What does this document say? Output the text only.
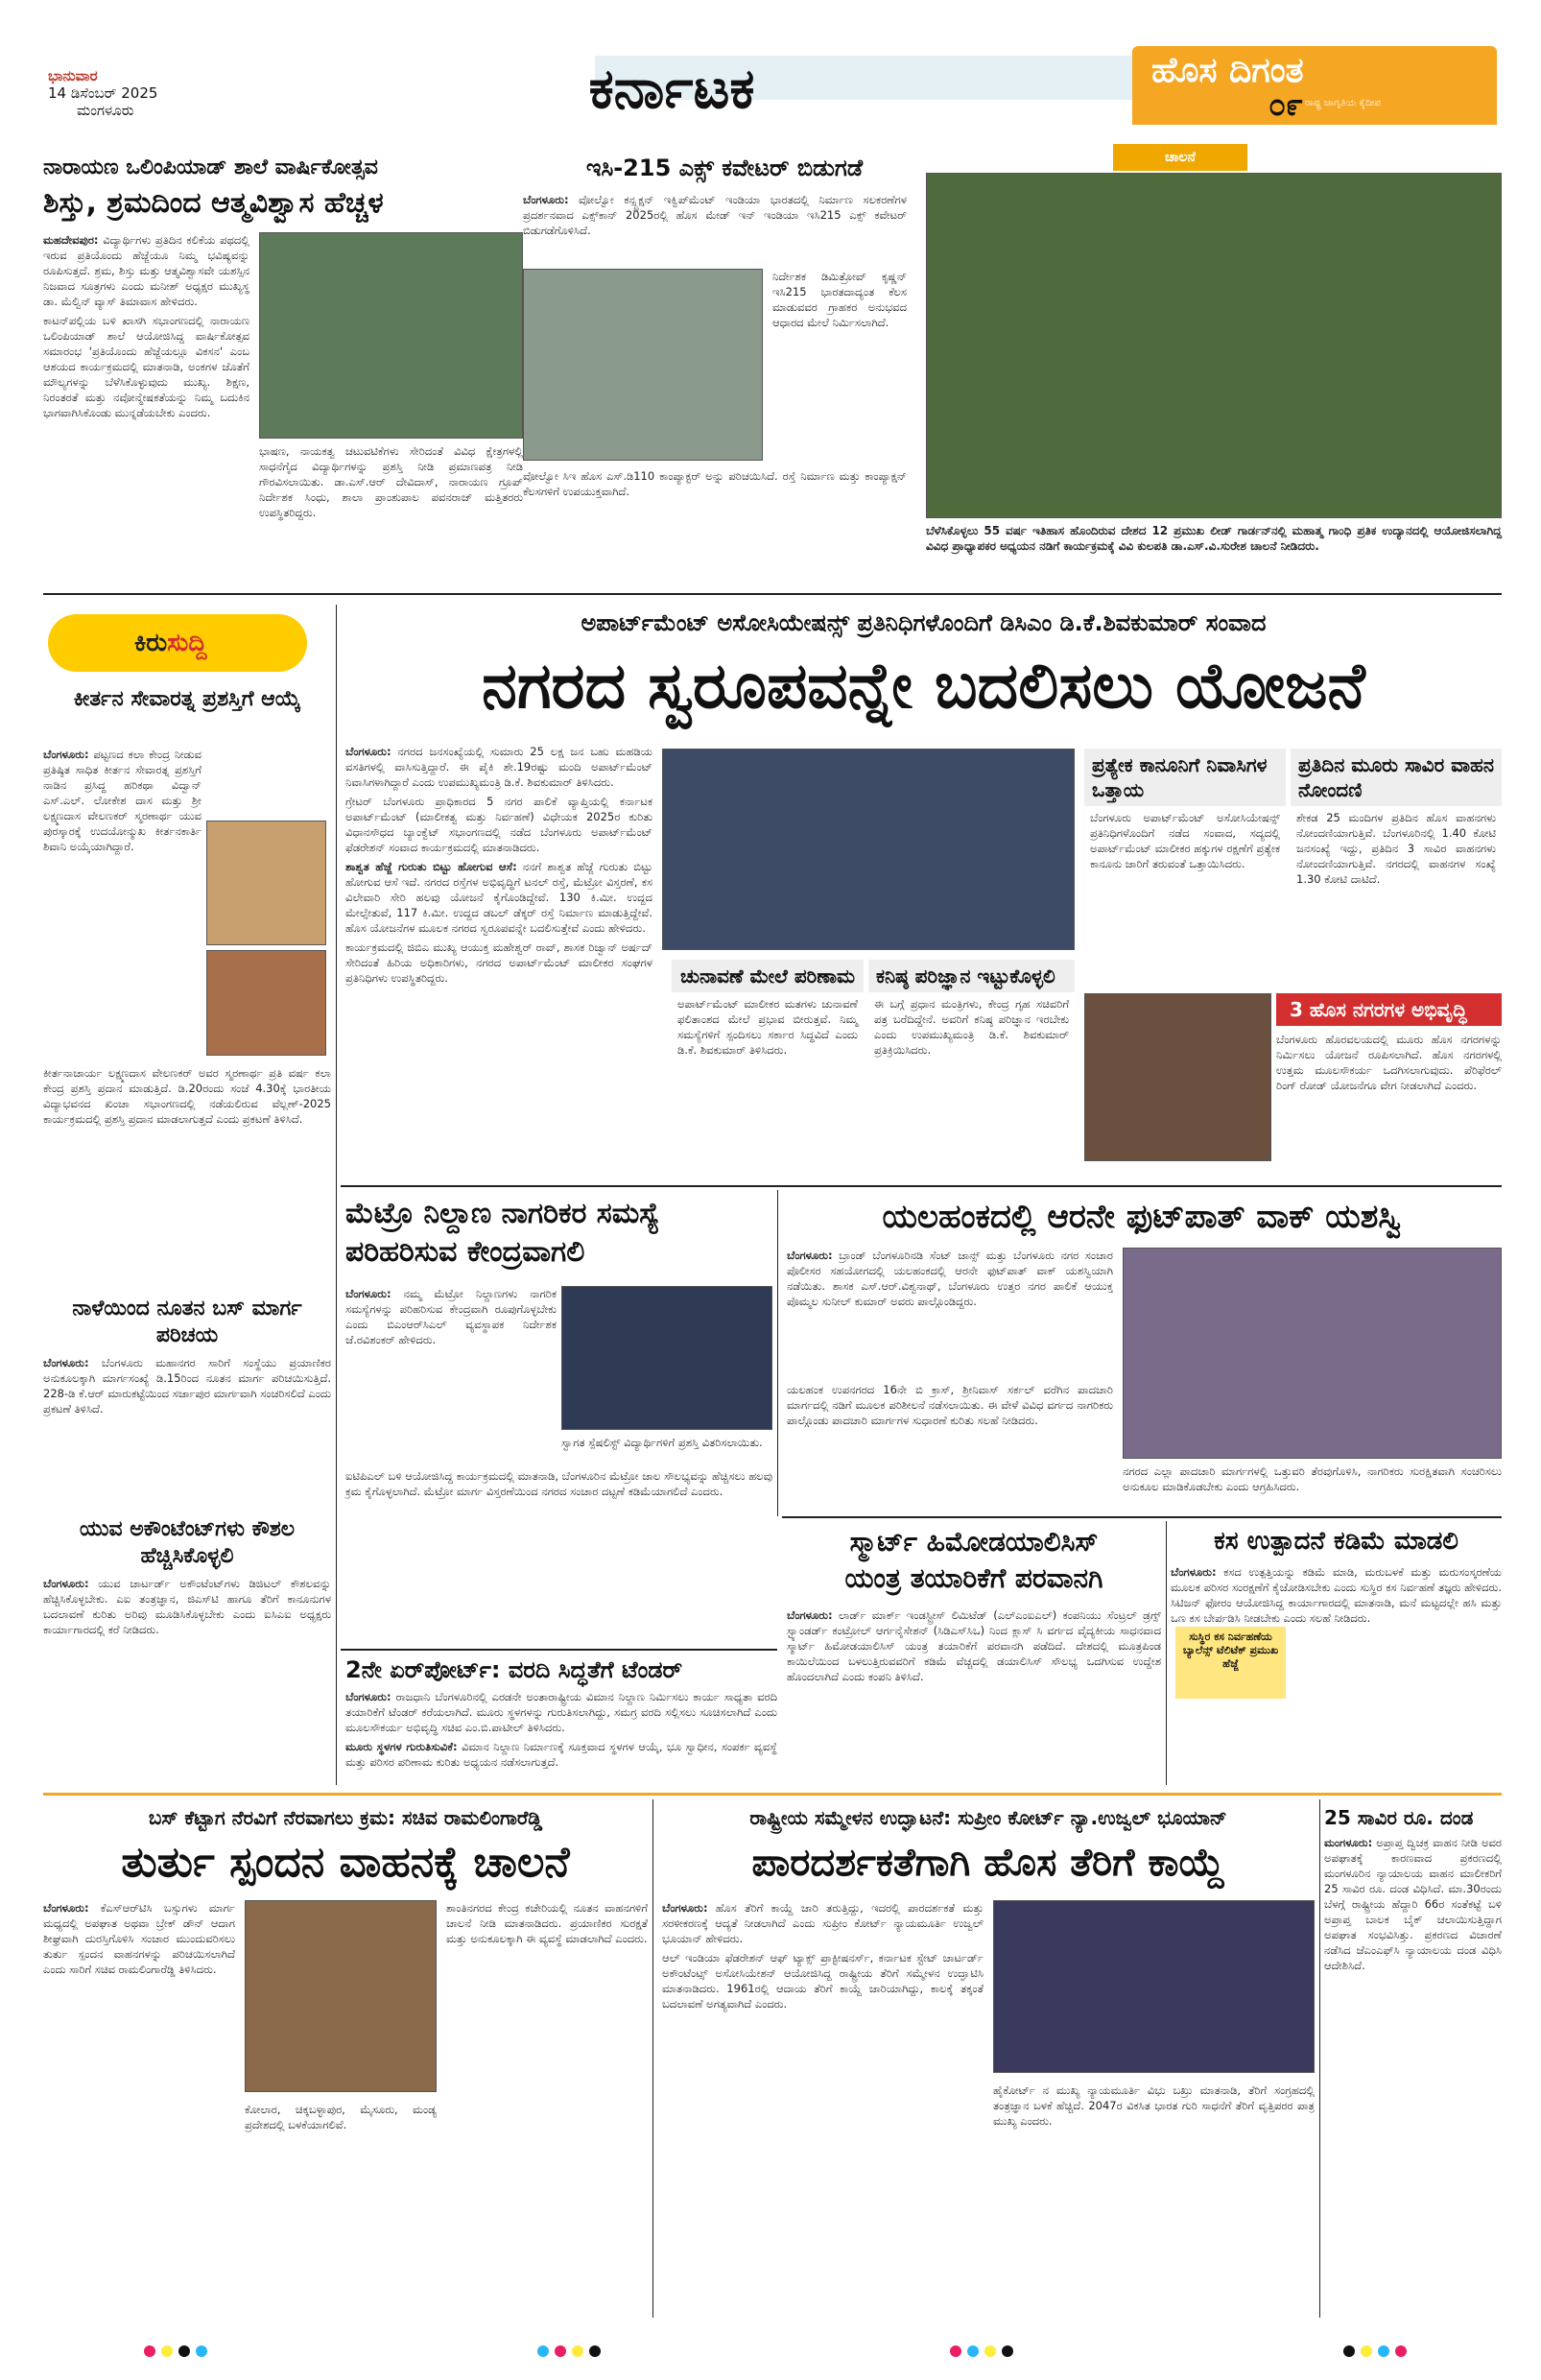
ಭಾನುವಾರ
14 ಡಿಸೆಂಬರ್ 2025
ಮಂಗಳೂರು	ಕರ್ನಾಟಕ	ಹೊಸ ದಿಗಂತ
ರಾಷ್ಟ್ರ ಜಾಗೃತಿಯ ಕೈದೀಪ
೦೯
ನಾರಾಯಣ ಒಲಿಂಪಿಯಾಡ್ ಶಾಲೆ ವಾರ್ಷಿಕೋತ್ಸವ
ಶಿಸ್ತು, ಶ್ರಮದಿಂದ ಆತ್ಮವಿಶ್ವಾಸ ಹೆಚ್ಚಳ
ಮಹದೇವಪುರ: ವಿದ್ಯಾರ್ಥಿಗಳು ಪ್ರತಿದಿನ ಕಲಿಕೆಯ ಪಥದಲ್ಲಿ ಇರುವ ಪ್ರತಿಯೊಂದು ಹೆಜ್ಜೆಯೂ ನಿಮ್ಮ ಭವಿಷ್ಯವನ್ನು ರೂಪಿಸುತ್ತದೆ. ಶ್ರಮ, ಶಿಸ್ತು ಮತ್ತು ಆತ್ಮವಿಶ್ವಾಸವೇ ಯಶಸ್ಸಿನ ನಿಜವಾದ ಸೂತ್ರಗಳು ಎಂದು ಮನೀಶ್ ಅಧ್ಯಕ್ಷರ ಮುಖ್ಯಸ್ಥ ಡಾ. ಮೆಲ್ವಿನ್ ವ್ಯಾಸ್ ತಿಮಾವಾಸ ಹೇಳಿದರು.

ಕಾಟನ್‌ಪಲ್ಲಿಯ ಬಳಿ ಖಾಸಗಿ ಸಭಾಂಗಣದಲ್ಲಿ ನಾರಾಯಣ ಒಲಿಂಪಿಯಾಡ್ ಶಾಲೆ ಆಯೋಜಿಸಿದ್ದ ವಾರ್ಷಿಕೋತ್ಸವ ಸಮಾರಂಭ 'ಪ್ರತಿಯೊಂದು ಹೆಜ್ಜೆಯಲ್ಲೂ ವಿಕಸನ' ಎಂಬ ಆಶಯದ ಕಾರ್ಯಕ್ರಮದಲ್ಲಿ ಮಾತನಾಡಿ, ಅಂಕಗಳ ಜೊತೆಗೆ ಮೌಲ್ಯಗಳನ್ನು ಬೆಳೆಸಿಕೊಳ್ಳುವುದು ಮುಖ್ಯ. ಶಿಕ್ಷಣ, ನಿರಂತರತೆ ಮತ್ತು ನವೋನ್ಮೇಷಕತೆಯನ್ನು ನಿಮ್ಮ ಬದುಕಿನ ಭಾಗವಾಗಿಸಿಕೊಂಡು ಮುನ್ನಡೆಯಬೇಕು ಎಂದರು.

ಭಾಷಣ, ನಾಯಕತ್ವ ಚಟುವಟಿಕೆಗಳು ಸೇರಿದಂತೆ ವಿವಿಧ ಕ್ಷೇತ್ರಗಳಲ್ಲಿ ಸಾಧನೆಗೈದ ವಿದ್ಯಾರ್ಥಿಗಳನ್ನು ಪ್ರಶಸ್ತಿ ನೀಡಿ ಪ್ರಮಾಣಪತ್ರ ನೀಡಿ ಗೌರವಿಸಲಾಯಿತು. ಡಾ.ಎಸ್.ಆರ್ ದೇವಿದಾಸ್, ನಾರಾಯಣ ಗ್ರೂಪ್ ನಿರ್ದೇಶಕ ಸಿಂಧು, ಶಾಲಾ ಪ್ರಾಂಶುಪಾಲ ಪವನರಾಜ್ ಮತ್ತಿತರರು ಉಪಸ್ಥಿತರಿದ್ದರು.
ಇಸಿ-215 ಎಕ್ಸ್ ಕವೇಟರ್ ಬಿಡುಗಡೆ
ಬೆಂಗಳೂರು: ವೋಲ್ವೋ ಕನ್ಸ್ಟ್ರಕ್ಷನ್ ಇಕ್ವಿಪ್‌ಮೆಂಟ್ ಇಂಡಿಯಾ ಭಾರತದಲ್ಲಿ ನಿರ್ಮಾಣ ಸಲಕರಣೆಗಳ ಪ್ರದರ್ಶನವಾದ ಎಕ್ಸ್‌ಕಾನ್ 2025ರಲ್ಲಿ ಹೊಸ ಮೇಡ್ ಇನ್ ಇಂಡಿಯಾ ಇಸಿ215 ಎಕ್ಸ್ ಕವೇಟರ್ ಬಿಡುಗಡೆಗೊಳಿಸಿದೆ.
ನಿರ್ದೇಶಕ ಡಿಮಿತ್ರೋವ್ ಕೃಷ್ಣನ್ ಇಸಿ215 ಭಾರತದಾದ್ಯಂತ ಕೆಲಸ ಮಾಡುವವರ ಗ್ರಾಹಕರ ಅನುಭವದ ಆಧಾರದ ಮೇಲೆ ನಿರ್ಮಿಸಲಾಗಿದೆ.
ವೋಲ್ವೋ ಸಿಇ ಹೊಸ ಎಸ್.ಡಿ110 ಕಾಂಪ್ಯಾಕ್ಟರ್ ಅನ್ನು ಪರಿಚಯಿಸಿದೆ. ರಸ್ತೆ ನಿರ್ಮಾಣ ಮತ್ತು ಕಾಂಪ್ಯಾಕ್ಷನ್ ಕೆಲಸಗಳಿಗೆ ಉಪಯುಕ್ತವಾಗಿದೆ.
ಚಾಲನೆ
ಬೆಳೆಸಿಕೊಳ್ಳಲು 55 ವರ್ಷ ಇತಿಹಾಸ ಹೊಂದಿರುವ ದೇಶದ 12 ಪ್ರಮುಖ ಲೀಡ್ ಗಾರ್ಡನ್‌ನಲ್ಲಿ ಮಹಾತ್ಮ ಗಾಂಧಿ ಪ್ರತಿಕ ಉದ್ಯಾನದಲ್ಲಿ ಆಯೋಜಿಸಲಾಗಿದ್ದ ವಿವಿಧ ಪ್ರಾಧ್ಯಾಪಕರ ಅಧ್ಯಯನ ನಡಿಗೆ ಕಾರ್ಯಕ್ರಮಕ್ಕೆ ವಿವಿ ಕುಲಪತಿ ಡಾ.ಎಸ್.ವಿ.ಸುರೇಶ ಚಾಲನೆ ನೀಡಿದರು.
ಕಿರುಸುದ್ದಿ
ಕೀರ್ತನ ಸೇವಾರತ್ನ ಪ್ರಶಸ್ತಿಗೆ ಆಯ್ಕೆ
ಬೆಂಗಳೂರು: ಪಟ್ಟಣದ ಕಲಾ ಕೇಂದ್ರ ನೀಡುವ ಪ್ರತಿಷ್ಠಿತ ಸಾಧಿತ ಕೀರ್ತನ ಸೇವಾರತ್ನ ಪ್ರಶಸ್ತಿಗೆ ನಾಡಿನ ಪ್ರಸಿದ್ಧ ಹರಿಕಥಾ ವಿದ್ವಾನ್ ಎಸ್.ಎಲ್. ಲೋಕೇಶ ದಾಸ ಮತ್ತು ಶ್ರೀ ಲಕ್ಷ್ಮಣದಾಸ ವೇಲಣಕರ್ ಸ್ಮರಣಾರ್ಥ ಯುವ ಪುರಸ್ಕಾರಕ್ಕೆ ಉದಯೋನ್ಮುಖ ಕೀರ್ತನಕಾರ್ತಿ ಶಿವಾನಿ ಅಯ್ಕೆಯಾಗಿದ್ದಾರೆ.
ಕೀರ್ತನಾಚಾರ್ಯ ಲಕ್ಷ್ಮಣದಾಸ ವೇಲಣಕರ್ ಅವರ ಸ್ಮರಣಾರ್ಥ ಪ್ರತಿ ವರ್ಷ ಕಲಾ ಕೇಂದ್ರ ಪ್ರಶಸ್ತಿ ಪ್ರದಾನ ಮಾಡುತ್ತಿದೆ. ಡಿ.20ರಂದು ಸಂಜೆ 4.30ಕ್ಕೆ ಭಾರತೀಯ ವಿದ್ಯಾಭವನದ ಖಿಂಚಾ ಸಭಾಂಗಣದಲ್ಲಿ ನಡೆಯಲಿರುವ ವೆಲ್ಲಣ್-2025 ಕಾರ್ಯಕ್ರಮದಲ್ಲಿ ಪ್ರಶಸ್ತಿ ಪ್ರದಾನ ಮಾಡಲಾಗುತ್ತದೆ ಎಂದು ಪ್ರಕಟಣೆ ತಿಳಿಸಿದೆ.
ನಾಳೆಯಿಂದ ನೂತನ ಬಸ್ ಮಾರ್ಗ ಪರಿಚಯ
ಬೆಂಗಳೂರು: ಬೆಂಗಳೂರು ಮಹಾನಗರ ಸಾರಿಗೆ ಸಂಸ್ಥೆಯು ಪ್ರಯಾಣಿಕರ ಅನುಕೂಲಕ್ಕಾಗಿ ಮಾರ್ಗಸಂಖ್ಯೆ ಡಿ.15ರಿಂದ ನೂತನ ಮಾರ್ಗ ಪರಿಚಯಿಸುತ್ತಿದೆ. 228-ಡಿ ಕೆ.ಆರ್ ಮಾರುಕಟ್ಟೆಯಿಂದ ಸರ್ಜಾಪುರ ಮಾರ್ಗವಾಗಿ ಸಂಚರಿಸಲಿದೆ ಎಂದು ಪ್ರಕಟಣೆ ತಿಳಿಸಿದೆ.
ಯುವ ಅಕೌಂಟೆಂಟ್‌ಗಳು ಕೌಶಲ ಹೆಚ್ಚಿಸಿಕೊಳ್ಳಲಿ
ಬೆಂಗಳೂರು: ಯುವ ಚಾರ್ಟರ್ಡ್ ಅಕೌಂಟೆಂಟ್‌ಗಳು ಡಿಜಿಟಲ್ ಕೌಶಲವನ್ನು ಹೆಚ್ಚಿಸಿಕೊಳ್ಳಬೇಕು. ಎಐ ತಂತ್ರಜ್ಞಾನ, ಜಿಎಸ್‌ಟಿ ಹಾಗೂ ತೆರಿಗೆ ಕಾನೂನುಗಳ ಬದಲಾವಣೆ ಕುರಿತು ಅರಿವು ಮೂಡಿಸಿಕೊಳ್ಳಬೇಕು ಎಂದು ಐಸಿಎಐ ಅಧ್ಯಕ್ಷರು ಕಾರ್ಯಾಗಾರದಲ್ಲಿ ಕರೆ ನೀಡಿದರು.
ಅಪಾರ್ಟ್‌ಮೆಂಟ್ ಅಸೋಸಿಯೇಷನ್ಸ್ ಪ್ರತಿನಿಧಿಗಳೊಂದಿಗೆ ಡಿಸಿಎಂ ಡಿ.ಕೆ.ಶಿವಕುಮಾರ್ ಸಂವಾದ
ನಗರದ ಸ್ವರೂಪವನ್ನೇ ಬದಲಿಸಲು ಯೋಜನೆ
ಬೆಂಗಳೂರು: ನಗರದ ಜನಸಂಖ್ಯೆಯಲ್ಲಿ ಸುಮಾರು 25 ಲಕ್ಷ ಜನ ಬಹು ಮಹಡಿಯ ವಸತಿಗಳಲ್ಲಿ ವಾಸಿಸುತ್ತಿದ್ದಾರೆ. ಈ ಪೈಕಿ ಶೇ.19ರಷ್ಟು ಮಂದಿ ಅಪಾರ್ಟ್‌ಮೆಂಟ್ ನಿವಾಸಿಗಳಾಗಿದ್ದಾರೆ ಎಂದು ಉಪಮುಖ್ಯಮಂತ್ರಿ ಡಿ.ಕೆ. ಶಿವಕುಮಾರ್ ತಿಳಿಸಿದರು.

ಗ್ರೇಟರ್ ಬೆಂಗಳೂರು ಪ್ರಾಧಿಕಾರದ 5 ನಗರ ಪಾಲಿಕೆ ವ್ಯಾಪ್ತಿಯಲ್ಲಿ ಕರ್ನಾಟಕ ಅಪಾರ್ಟ್‌ಮೆಂಟ್ (ಮಾಲೀಕತ್ವ ಮತ್ತು ನಿರ್ವಹಣೆ) ವಿಧೇಯಕ 2025ರ ಕುರಿತು ವಿಧಾನಸೌಧದ ಬ್ಯಾಂಕ್ವೆಟ್ ಸಭಾಂಗಣದಲ್ಲಿ ನಡೆದ ಬೆಂಗಳೂರು ಅಪಾರ್ಟ್‌ಮೆಂಟ್ ಫೆಡರೇಶನ್ ಸಂವಾದ ಕಾರ್ಯಕ್ರಮದಲ್ಲಿ ಮಾತನಾಡಿದರು.

ಶಾಶ್ವತ ಹೆಜ್ಜೆ ಗುರುತು ಬಿಟ್ಟು ಹೋಗುವ ಆಸೆ: ನನಗೆ ಶಾಶ್ವತ ಹೆಜ್ಜೆ ಗುರುತು ಬಿಟ್ಟು ಹೋಗುವ ಆಸೆ ಇದೆ. ನಗರದ ರಸ್ತೆಗಳ ಅಭಿವೃದ್ಧಿಗೆ ಟನಲ್ ರಸ್ತೆ, ಮೆಟ್ರೋ ವಿಸ್ತರಣೆ, ಕಸ ವಿಲೇವಾರಿ ಸೇರಿ ಹಲವು ಯೋಜನೆ ಕೈಗೊಂಡಿದ್ದೇವೆ. 130 ಕಿ.ಮೀ. ಉದ್ದದ ಮೇಲ್ಸೇತುವೆ, 117 ಕಿ.ಮೀ. ಉದ್ದದ ಡಬಲ್ ಡೆಕ್ಕರ್ ರಸ್ತೆ ನಿರ್ಮಾಣ ಮಾಡುತ್ತಿದ್ದೇವೆ. ಹೊಸ ಯೋಜನೆಗಳ ಮೂಲಕ ನಗರದ ಸ್ವರೂಪವನ್ನೇ ಬದಲಿಸುತ್ತೇವೆ ಎಂದು ಹೇಳಿದರು.

ಕಾರ್ಯಕ್ರಮದಲ್ಲಿ ಜಿಬಿಎ ಮುಖ್ಯ ಆಯುಕ್ತ ಮಹೇಶ್ವರ್ ರಾವ್, ಶಾಸಕ ರಿಜ್ವಾನ್ ಅರ್ಷದ್ ಸೇರಿದಂತೆ ಹಿರಿಯ ಅಧಿಕಾರಿಗಳು, ನಗರದ ಅಪಾರ್ಟ್‌ಮೆಂಟ್ ಮಾಲೀಕರ ಸಂಘಗಳ ಪ್ರತಿನಿಧಿಗಳು ಉಪಸ್ಥಿತರಿದ್ದರು.

ಪ್ರತ್ಯೇಕ ಕಾನೂನಿಗೆ ನಿವಾಸಿಗಳ ಒತ್ತಾಯ
ಬೆಂಗಳೂರು ಅಪಾರ್ಟ್‌ಮೆಂಟ್ ಅಸೋಸಿಯೇಷನ್ಸ್ ಪ್ರತಿನಿಧಿಗಳೊಂದಿಗೆ ನಡೆದ ಸಂವಾದ, ಸದ್ಯದಲ್ಲಿ ಅಪಾರ್ಟ್‌ಮೆಂಟ್ ಮಾಲೀಕರ ಹಕ್ಕುಗಳ ರಕ್ಷಣೆಗೆ ಪ್ರತ್ಯೇಕ ಕಾನೂನು ಜಾರಿಗೆ ತರುವಂತೆ ಒತ್ತಾಯಿಸಿದರು.
ಪ್ರತಿದಿನ ಮೂರು ಸಾವಿರ ವಾಹನ ನೋಂದಣಿ
ಶೇಕಡ 25 ಮಂದಿಗಳ ಪ್ರತಿದಿನ ಹೊಸ ವಾಹನಗಳು ನೋಂದಣಿಯಾಗುತ್ತಿವೆ. ಬೆಂಗಳೂರಿನಲ್ಲಿ 1.40 ಕೋಟಿ ಜನಸಂಖ್ಯೆ ಇದ್ದು, ಪ್ರತಿದಿನ 3 ಸಾವಿರ ವಾಹನಗಳು ನೋಂದಣಿಯಾಗುತ್ತಿವೆ. ನಗರದಲ್ಲಿ ವಾಹನಗಳ ಸಂಖ್ಯೆ 1.30 ಕೋಟಿ ದಾಟಿದೆ.
ಚುನಾವಣೆ ಮೇಲೆ ಪರಿಣಾಮ
ಅಪಾರ್ಟ್‌ಮೆಂಟ್ ಮಾಲೀಕರ ಮತಗಳು ಚುನಾವಣೆ ಫಲಿತಾಂಶದ ಮೇಲೆ ಪ್ರಭಾವ ಬೀರುತ್ತವೆ. ನಿಮ್ಮ ಸಮಸ್ಯೆಗಳಿಗೆ ಸ್ಪಂದಿಸಲು ಸರ್ಕಾರ ಸಿದ್ಧವಿದೆ ಎಂದು ಡಿ.ಕೆ. ಶಿವಕುಮಾರ್ ತಿಳಿಸಿದರು.
ಕನಿಷ್ಠ ಪರಿಜ್ಞಾನ ಇಟ್ಟುಕೊಳ್ಳಲಿ
ಈ ಬಗ್ಗೆ ಪ್ರಧಾನ ಮಂತ್ರಿಗಳು, ಕೇಂದ್ರ ಗೃಹ ಸಚಿವರಿಗೆ ಪತ್ರ ಬರೆದಿದ್ದೇನೆ. ಅವರಿಗೆ ಕನಿಷ್ಠ ಪರಿಜ್ಞಾನ ಇರಬೇಕು ಎಂದು ಉಪಮುಖ್ಯಮಂತ್ರಿ ಡಿ.ಕೆ. ಶಿವಕುಮಾರ್ ಪ್ರತಿಕ್ರಿಯಿಸಿದರು.
3 ಹೊಸ ನಗರಗಳ ಅಭಿವೃದ್ಧಿ
ಬೆಂಗಳೂರು ಹೊರವಲಯದಲ್ಲಿ ಮೂರು ಹೊಸ ನಗರಗಳನ್ನು ನಿರ್ಮಿಸಲು ಯೋಜನೆ ರೂಪಿಸಲಾಗಿದೆ. ಹೊಸ ನಗರಗಳಲ್ಲಿ ಉತ್ತಮ ಮೂಲಸೌಕರ್ಯ ಒದಗಿಸಲಾಗುವುದು. ಪೆರಿಫೆರಲ್ ರಿಂಗ್ ರೋಡ್ ಯೋಜನೆಗೂ ವೇಗ ನೀಡಲಾಗಿದೆ ಎಂದರು.
ಮೆಟ್ರೊ ನಿಲ್ದಾಣ ನಾಗರಿಕರ ಸಮಸ್ಯೆ
ಪರಿಹರಿಸುವ ಕೇಂದ್ರವಾಗಲಿ
ಬೆಂಗಳೂರು: ನಮ್ಮ ಮೆಟ್ರೋ ನಿಲ್ದಾಣಗಳು ನಾಗರಿಕ ಸಮಸ್ಯೆಗಳನ್ನು ಪರಿಹರಿಸುವ ಕೇಂದ್ರವಾಗಿ ರೂಪುಗೊಳ್ಳಬೇಕು ಎಂದು ಬಿಎಂಆರ್‌ಸಿಎಲ್ ವ್ಯವಸ್ಥಾಪಕ ನಿರ್ದೇಶಕ ಜೆ.ರವಿಶಂಕರ್ ಹೇಳಿದರು.
ಸ್ವಾಗತ ಸ್ಪೆಷಲಿಸ್ಟ್ ವಿದ್ಯಾರ್ಥಿಗಳಿಗೆ ಪ್ರಶಸ್ತಿ ವಿತರಿಸಲಾಯಿತು.
ಐಟಿಪಿಎಲ್ ಬಳಿ ಆಯೋಜಿಸಿದ್ದ ಕಾರ್ಯಕ್ರಮದಲ್ಲಿ ಮಾತನಾಡಿ, ಬೆಂಗಳೂರಿನ ಮೆಟ್ರೋ ಜಾಲ ಸೌಲಭ್ಯವನ್ನು ಹೆಚ್ಚಿಸಲು ಹಲವು ಕ್ರಮ ಕೈಗೊಳ್ಳಲಾಗಿದೆ. ಮೆಟ್ರೋ ಮಾರ್ಗ ವಿಸ್ತರಣೆಯಿಂದ ನಗರದ ಸಂಚಾರ ದಟ್ಟಣೆ ಕಡಿಮೆಯಾಗಲಿದೆ ಎಂದರು.
ಯಲಹಂಕದಲ್ಲಿ ಆರನೇ ಫುಟ್‌ಪಾತ್ ವಾಕ್ ಯಶಸ್ವಿ
ಬೆಂಗಳೂರು: ಬ್ರಾಂಡ್ ಬೆಂಗಳೂರಿನಡಿ ಸೆಂಟ್ ಜಾನ್ಸ್ ಮತ್ತು ಬೆಂಗಳೂರು ನಗರ ಸಂಚಾರ ಪೊಲೀಸರ ಸಹಯೋಗದಲ್ಲಿ ಯಲಹಂಕದಲ್ಲಿ ಆರನೇ ಫುಟ್‌ಪಾತ್ ವಾಕ್ ಯಶಸ್ವಿಯಾಗಿ ನಡೆಯಿತು. ಶಾಸಕ ಎಸ್.ಆರ್.ವಿಶ್ವನಾಥ್, ಬೆಂಗಳೂರು ಉತ್ತರ ನಗರ ಪಾಲಿಕೆ ಆಯುಕ್ತ ಪೊಮ್ಮಲ ಸುನೀಲ್ ಕುಮಾರ್ ಅವರು ಪಾಲ್ಗೊಂಡಿದ್ದರು.
ಯಲಹಂಕ ಉಪನಗರದ 16ನೇ ಬಿ ಕ್ರಾಸ್, ಶ್ರೀನಿವಾಸ್ ಸರ್ಕಲ್ ವರೆಗಿನ ಪಾದಚಾರಿ ಮಾರ್ಗದಲ್ಲಿ ನಡಿಗೆ ಮೂಲಕ ಪರಿಶೀಲನೆ ನಡೆಸಲಾಯಿತು. ಈ ವೇಳೆ ವಿವಿಧ ವರ್ಗದ ನಾಗರಿಕರು ಪಾಲ್ಗೊಂಡು ಪಾದಚಾರಿ ಮಾರ್ಗಗಳ ಸುಧಾರಣೆ ಕುರಿತು ಸಲಹೆ ನೀಡಿದರು.
ನಗರದ ಎಲ್ಲಾ ಪಾದಚಾರಿ ಮಾರ್ಗಗಳಲ್ಲಿ ಒತ್ತುವರಿ ತೆರವುಗೊಳಿಸಿ, ನಾಗರಿಕರು ಸುರಕ್ಷಿತವಾಗಿ ಸಂಚರಿಸಲು ಅನುಕೂಲ ಮಾಡಿಕೊಡಬೇಕು ಎಂದು ಆಗ್ರಹಿಸಿದರು.
ಸ್ಮಾರ್ಟ್ ಹಿಮೋಡಯಾಲಿಸಿಸ್
ಯಂತ್ರ ತಯಾರಿಕೆಗೆ ಪರವಾನಗಿ
ಬೆಂಗಳೂರು: ಲಾರ್ಡ್ ಮಾರ್ಕ್ ಇಂಡಸ್ಟ್ರೀಸ್ ಲಿಮಿಟೆಡ್ (ಎಲ್‌ಎಂಐಎಲ್) ಕಂಪನಿಯು ಸೆಂಟ್ರಲ್ ಡ್ರಗ್ಸ್ ಸ್ಟ್ಯಾಂಡರ್ಡ್ ಕಂಟ್ರೋಲ್ ಆರ್ಗನೈಸೇಶನ್ (ಸಿಡಿಎಸ್‌ಸಿಒ) ನಿಂದ ಕ್ಲಾಸ್ ಸಿ ವರ್ಗದ ವೈದ್ಯಕೀಯ ಸಾಧನವಾದ ಸ್ಮಾರ್ಟ್ ಹಿಮೋಡಯಾಲಿಸಿಸ್ ಯಂತ್ರ ತಯಾರಿಕೆಗೆ ಪರವಾನಗಿ ಪಡೆದಿದೆ. ದೇಶದಲ್ಲಿ ಮೂತ್ರಪಿಂಡ ಕಾಯಿಲೆಯಿಂದ ಬಳಲುತ್ತಿರುವವರಿಗೆ ಕಡಿಮೆ ವೆಚ್ಚದಲ್ಲಿ ಡಯಾಲಿಸಿಸ್ ಸೌಲಭ್ಯ ಒದಗಿಸುವ ಉದ್ದೇಶ ಹೊಂದಲಾಗಿದೆ ಎಂದು ಕಂಪನಿ ತಿಳಿಸಿದೆ.
ಕಸ ಉತ್ಪಾದನೆ ಕಡಿಮೆ ಮಾಡಲಿ
ಬೆಂಗಳೂರು: ಕಸದ ಉತ್ಪತ್ತಿಯನ್ನು ಕಡಿಮೆ ಮಾಡಿ, ಮರುಬಳಕೆ ಮತ್ತು ಮರುಸಂಸ್ಕರಣೆಯ ಮೂಲಕ ಪರಿಸರ ಸಂರಕ್ಷಣೆಗೆ ಕೈಜೋಡಿಸಬೇಕು ಎಂದು ಸುಸ್ಥಿರ ಕಸ ನಿರ್ವಹಣೆ ತಜ್ಞರು ಹೇಳಿದರು. ಸಿಟಿಜನ್ ಫೋರಂ ಆಯೋಜಿಸಿದ್ದ ಕಾರ್ಯಾಗಾರದಲ್ಲಿ ಮಾತನಾಡಿ, ಮನೆ ಮಟ್ಟದಲ್ಲೇ ಹಸಿ ಮತ್ತು ಒಣ ಕಸ ಬೇರ್ಪಡಿಸಿ ನೀಡಬೇಕು ಎಂದು ಸಲಹೆ ನೀಡಿದರು.
ಸುಸ್ಥಿರ ಕಸ ನಿರ್ವಹಣೆಯ ಬ್ಯಾಲೆನ್ಸ್ ಟೆಲಿಟೆಕ್ ಪ್ರಮುಖ ಹೆಜ್ಜೆ
2ನೇ ಏರ್‌ಪೋರ್ಟ್: ವರದಿ ಸಿದ್ಧತೆಗೆ ಟೆಂಡರ್
ಬೆಂಗಳೂರು: ರಾಜಧಾನಿ ಬೆಂಗಳೂರಿನಲ್ಲಿ ಎರಡನೇ ಅಂತಾರಾಷ್ಟ್ರೀಯ ವಿಮಾನ ನಿಲ್ದಾಣ ನಿರ್ಮಿಸಲು ಕಾರ್ಯ ಸಾಧ್ಯತಾ ವರದಿ ತಯಾರಿಕೆಗೆ ಟೆಂಡರ್ ಕರೆಯಲಾಗಿದೆ. ಮೂರು ಸ್ಥಳಗಳನ್ನು ಗುರುತಿಸಲಾಗಿದ್ದು, ಸಮಗ್ರ ವರದಿ ಸಲ್ಲಿಸಲು ಸೂಚಿಸಲಾಗಿದೆ ಎಂದು ಮೂಲಸೌಕರ್ಯ ಅಭಿವೃದ್ಧಿ ಸಚಿವ ಎಂ.ಬಿ.ಪಾಟೀಲ್ ತಿಳಿಸಿದರು.

ಮೂರು ಸ್ಥಳಗಳ ಗುರುತಿಸುವಿಕೆ: ವಿಮಾನ ನಿಲ್ದಾಣ ನಿರ್ಮಾಣಕ್ಕೆ ಸೂಕ್ತವಾದ ಸ್ಥಳಗಳ ಆಯ್ಕೆ, ಭೂ ಸ್ವಾಧೀನ, ಸಂಪರ್ಕ ವ್ಯವಸ್ಥೆ ಮತ್ತು ಪರಿಸರ ಪರಿಣಾಮ ಕುರಿತು ಅಧ್ಯಯನ ನಡೆಸಲಾಗುತ್ತದೆ.

ಬಸ್ ಕೆಟ್ಟಾಗ ನೆರವಿಗೆ ನೆರವಾಗಲು ಕ್ರಮ: ಸಚಿವ ರಾಮಲಿಂಗಾರೆಡ್ಡಿ
ತುರ್ತು ಸ್ಪಂದನ ವಾಹನಕ್ಕೆ ಚಾಲನೆ
ಬೆಂಗಳೂರು: ಕೆಎಸ್‌ಆರ್‌ಟಿಸಿ ಬಸ್ಸುಗಳು ಮಾರ್ಗ ಮಧ್ಯದಲ್ಲಿ ಅಪಘಾತ ಅಥವಾ ಬ್ರೇಕ್ ಡೌನ್ ಆದಾಗ ಶೀಘ್ರವಾಗಿ ದುರಸ್ತಿಗೊಳಿಸಿ ಸಂಚಾರ ಮುಂದುವರಿಸಲು ತುರ್ತು ಸ್ಪಂದನ ವಾಹನಗಳನ್ನು ಪರಿಚಯಿಸಲಾಗಿದೆ ಎಂದು ಸಾರಿಗೆ ಸಚಿವ ರಾಮಲಿಂಗಾರೆಡ್ಡಿ ತಿಳಿಸಿದರು.
ಕೋಲಾರ, ಚಿಕ್ಕಬಳ್ಳಾಪುರ, ಮೈಸೂರು, ಮಂಡ್ಯ ಪ್ರದೇಶದಲ್ಲಿ ಬಳಕೆಯಾಗಲಿವೆ.
ಶಾಂತಿನಗರದ ಕೇಂದ್ರ ಕಚೇರಿಯಲ್ಲಿ ನೂತನ ವಾಹನಗಳಿಗೆ ಚಾಲನೆ ನೀಡಿ ಮಾತನಾಡಿದರು. ಪ್ರಯಾಣಿಕರ ಸುರಕ್ಷತೆ ಮತ್ತು ಅನುಕೂಲಕ್ಕಾಗಿ ಈ ವ್ಯವಸ್ಥೆ ಮಾಡಲಾಗಿದೆ ಎಂದರು.
ರಾಷ್ಟ್ರೀಯ ಸಮ್ಮೇಳನ ಉದ್ಘಾಟನೆ: ಸುಪ್ರೀಂ ಕೋರ್ಟ್ ನ್ಯಾ.ಉಜ್ವಲ್ ಭೂಯಾನ್
ಪಾರದರ್ಶಕತೆಗಾಗಿ ಹೊಸ ತೆರಿಗೆ ಕಾಯ್ದೆ
ಬೆಂಗಳೂರು: ಹೊಸ ತೆರಿಗೆ ಕಾಯ್ದೆ ಜಾರಿ ತರುತ್ತಿದ್ದು, ಇದರಲ್ಲಿ ಪಾರದರ್ಶಕತೆ ಮತ್ತು ಸರಳೀಕರಣಕ್ಕೆ ಆದ್ಯತೆ ನೀಡಲಾಗಿದೆ ಎಂದು ಸುಪ್ರೀಂ ಕೋರ್ಟ್ ನ್ಯಾಯಮೂರ್ತಿ ಉಜ್ವಲ್ ಭೂಯಾನ್ ಹೇಳಿದರು.

ಆಲ್ ಇಂಡಿಯಾ ಫೆಡರೇಶನ್ ಆಫ್ ಟ್ಯಾಕ್ಸ್ ಪ್ರಾಕ್ಟೀಷನರ್ಸ್, ಕರ್ನಾಟಕ ಸ್ಟೇಟ್ ಚಾರ್ಟರ್ಡ್ ಅಕೌಂಟೆಂಟ್ಸ್ ಅಸೋಸಿಯೇಶನ್ ಆಯೋಜಿಸಿದ್ದ ರಾಷ್ಟ್ರೀಯ ತೆರಿಗೆ ಸಮ್ಮೇಳನ ಉದ್ಘಾಟಿಸಿ ಮಾತನಾಡಿದರು. 1961ರಲ್ಲಿ ಆದಾಯ ತೆರಿಗೆ ಕಾಯ್ದೆ ಜಾರಿಯಾಗಿದ್ದು, ಕಾಲಕ್ಕೆ ತಕ್ಕಂತೆ ಬದಲಾವಣೆ ಅಗತ್ಯವಾಗಿದೆ ಎಂದರು.

ಹೈಕೋರ್ಟ್ ನ ಮುಖ್ಯ ನ್ಯಾಯಮೂರ್ತಿ ವಿಭು ಬಖ್ರು ಮಾತನಾಡಿ, ತೆರಿಗೆ ಸಂಗ್ರಹದಲ್ಲಿ ತಂತ್ರಜ್ಞಾನ ಬಳಕೆ ಹೆಚ್ಚಿದೆ. 2047ರ ವಿಕಸಿತ ಭಾರತ ಗುರಿ ಸಾಧನೆಗೆ ತೆರಿಗೆ ವೃತ್ತಿಪರರ ಪಾತ್ರ ಮುಖ್ಯ ಎಂದರು.
25 ಸಾವಿರ ರೂ. ದಂಡ
ಮಂಗಳೂರು: ಅಪ್ರಾಪ್ತ ದ್ವಿಚಕ್ರ ವಾಹನ ನೀಡಿ ಅವರ ಅಪಘಾತಕ್ಕೆ ಕಾರಣವಾದ ಪ್ರಕರಣದಲ್ಲಿ ಮಂಗಳೂರಿನ ನ್ಯಾಯಾಲಯ ವಾಹನ ಮಾಲೀಕರಿಗೆ 25 ಸಾವಿರ ರೂ. ದಂಡ ವಿಧಿಸಿದೆ. ಮಾ.30ರಂದು ಬೆಳಗ್ಗೆ ರಾಷ್ಟ್ರೀಯ ಹೆದ್ದಾರಿ 66ರ ಸಂತೆಕಟ್ಟೆ ಬಳಿ ಅಪ್ರಾಪ್ತ ಬಾಲಕ ಬೈಕ್ ಚಲಾಯಿಸುತ್ತಿದ್ದಾಗ ಅಪಘಾತ ಸಂಭವಿಸಿತ್ತು. ಪ್ರಕರಣದ ವಿಚಾರಣೆ ನಡೆಸಿದ ಜೆಎಂಎಫ್‌ಸಿ ನ್ಯಾಯಾಲಯ ದಂಡ ವಿಧಿಸಿ ಆದೇಶಿಸಿದೆ.
